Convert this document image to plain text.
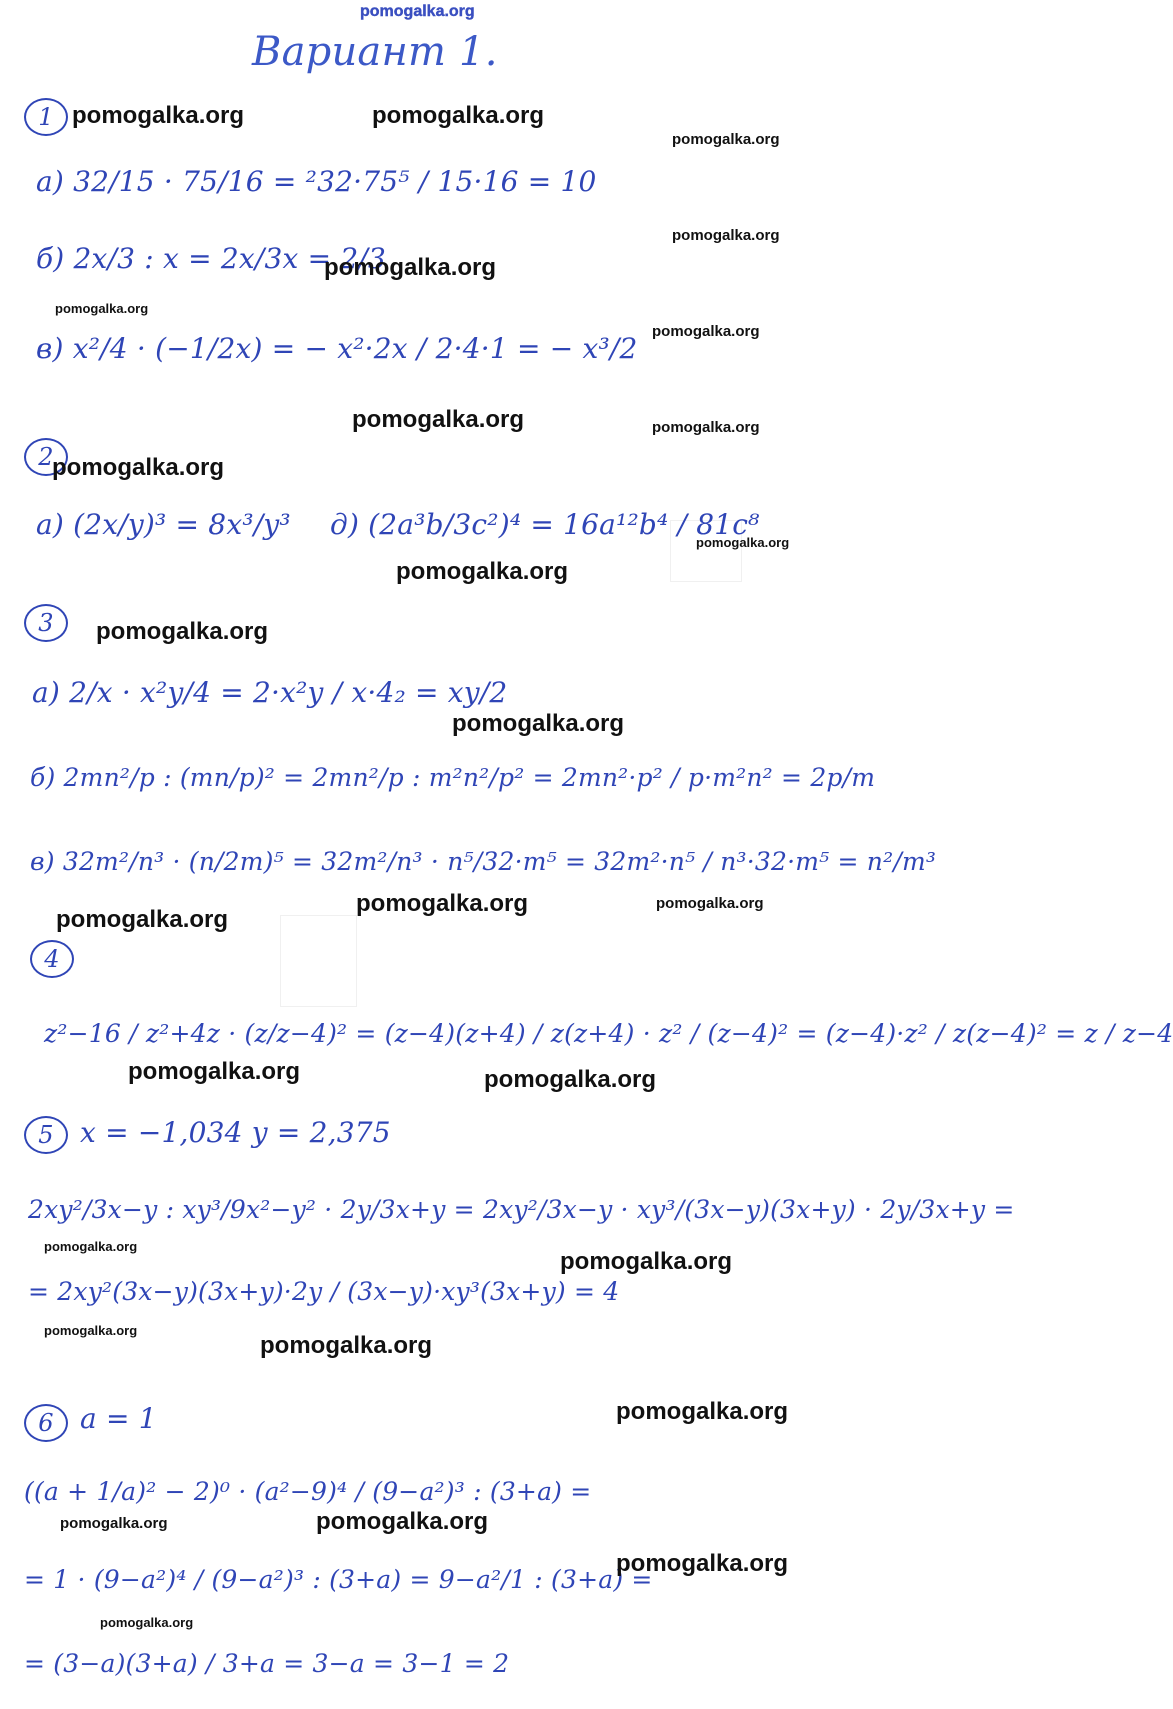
pomogalka.org
Вариант 1.
1
а) 32/15 · 75/16 = ²32·75⁵ / 15·16 = 10
б) 2x/3 : x = 2x/3x = 2/3
в) x²/4 · (−1/2x) = − x²·2x / 2·4·1 = − x³/2
2
а) (2x/y)³ = 8x³/y³ д) (2a³b/3c²)⁴ = 16a¹²b⁴ / 81c⁸
3
а) 2/x · x²y/4 = 2·x²y / x·4₂ = xy/2
б) 2mn²/p : (mn/p)² = 2mn²/p : m²n²/p² = 2mn²·p² / p·m²n² = 2p/m
в) 32m²/n³ · (n/2m)⁵ = 32m²/n³ · n⁵/32·m⁵ = 32m²·n⁵ / n³·32·m⁵ = n²/m³
4
z²−16 / z²+4z · (z/z−4)² = (z−4)(z+4) / z(z+4) · z² / (z−4)² = (z−4)·z² / z(z−4)² = z / z−4
5 x = −1,034 y = 2,375
2xy²/3x−y : xy³/9x²−y² · 2y/3x+y = 2xy²/3x−y · xy³/(3x−y)(3x+y) · 2y/3x+y =
= 2xy²(3x−y)(3x+y)·2y / (3x−y)·xy³(3x+y) = 4
6 a = 1
((a + 1/a)² − 2)⁰ · (a²−9)⁴ / (9−a²)³ : (3+a) =
= 1 · (9−a²)⁴ / (9−a²)³ : (3+a) = 9−a²/1 : (3+a) =
= (3−a)(3+a) / 3+a = 3−a = 3−1 = 2
pomogalka.org	pomogalka.org
pomogalka.org
pomogalka.org
pomogalka.org
pomogalka.org
pomogalka.org
pomogalka.org	pomogalka.org
pomogalka.org
pomogalka.org
pomogalka.org
pomogalka.org
pomogalka.org
pomogalka.org	pomogalka.org
pomogalka.org
pomogalka.org	pomogalka.org
pomogalka.org
pomogalka.org
pomogalka.org
pomogalka.org
pomogalka.org
pomogalka.org	pomogalka.org
pomogalka.org
pomogalka.org
